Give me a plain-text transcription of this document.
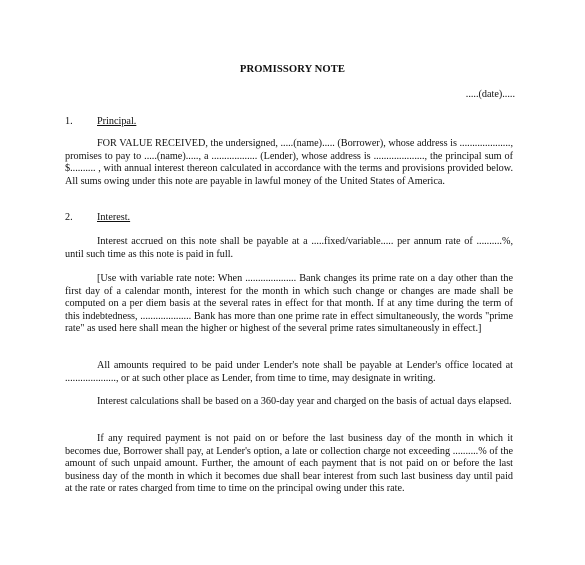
PROMISSORY NOTE
.....(date).....
1.	Principal.

FOR VALUE RECEIVED, the undersigned, .....(name)..... (Borrower), whose address is ...................., promises to pay to .....(name)....., a .................. (Lender), whose address is ...................., the principal sum of $.......... , with annual interest thereon calculated in accordance with the terms and provisions provided below. All sums owing under this note are payable in lawful money of the United States of America.

2.	Interest.

Interest accrued on this note shall be payable at a .....fixed/variable..... per annum rate of ..........%, until such time as this note is paid in full.

[Use with variable rate note: When .................... Bank changes its prime rate on a day other than the first day of a calendar month, interest for the month in which such change or changes are made shall be computed on a per diem basis at the several rates in effect for that month. If at any time during the term of this indebtedness, .................... Bank has more than one prime rate in effect simultaneously, the words "prime rate" as used here shall mean the higher or highest of the several prime rates simultaneously in effect.]

All amounts required to be paid under Lender's note shall be payable at Lender's office located at ...................., or at such other place as Lender, from time to time, may designate in writing.

Interest calculations shall be based on a 360-day year and charged on the basis of actual days elapsed.

If any required payment is not paid on or before the last business day of the month in which it becomes due, Borrower shall pay, at Lender's option, a late or collection charge not exceeding ..........% of the amount of such unpaid amount. Further, the amount of each payment that is not paid on or before the last business day of the month in which it becomes due shall bear interest from such last business day until paid at the rate or rates charged from time to time on the principal owing under this rate.
